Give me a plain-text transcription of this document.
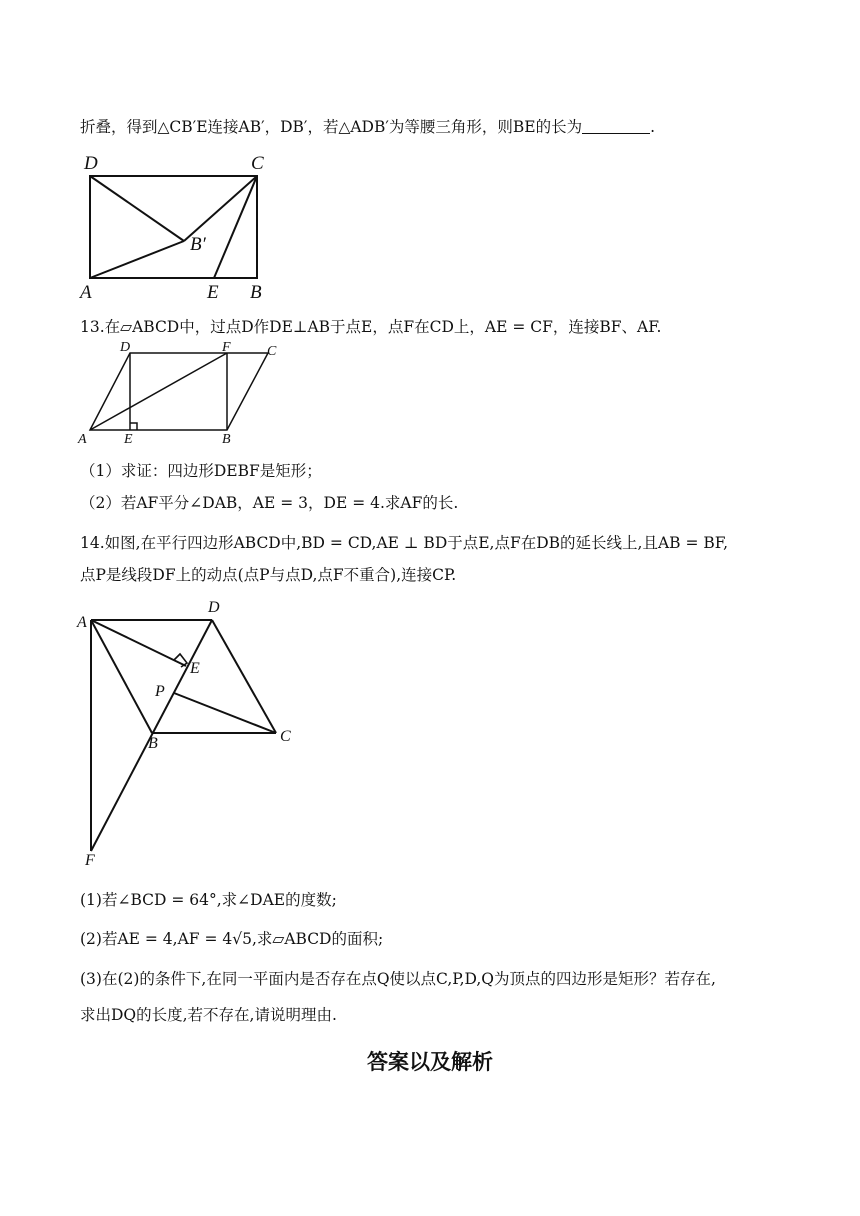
折叠，得到△CB′E连接AB′，DB′，若△ADB′为等腰三角形，则BE的长为	.
D	C
B′
A	E B
13.在▱ABCD中，过点D作DE⊥AB于点E，点F在CD上，AE = CF，连接BF、AF.
D	F	C
A	E	B
（1）求证：四边形DEBF是矩形；
（2）若AF平分∠DAB，AE = 3，DE = 4.求AF的长.
14.如图,在平行四边形ABCD中,BD = CD,AE ⊥ BD于点E,点F在DB的延长线上,且AB = BF,
点P是线段DF上的动点(点P与点D,点F不重合),连接CP.
A
D
E
P
B	C
F
(1)若∠BCD = 64°,求∠DAE的度数;
(2)若AE = 4,AF = 4√5,求▱ABCD的面积;
(3)在(2)的条件下,在同一平面内是否存在点Q使以点C,P,D,Q为顶点的四边形是矩形？若存在,
求出DQ的长度,若不存在,请说明理由.
答案以及解析
